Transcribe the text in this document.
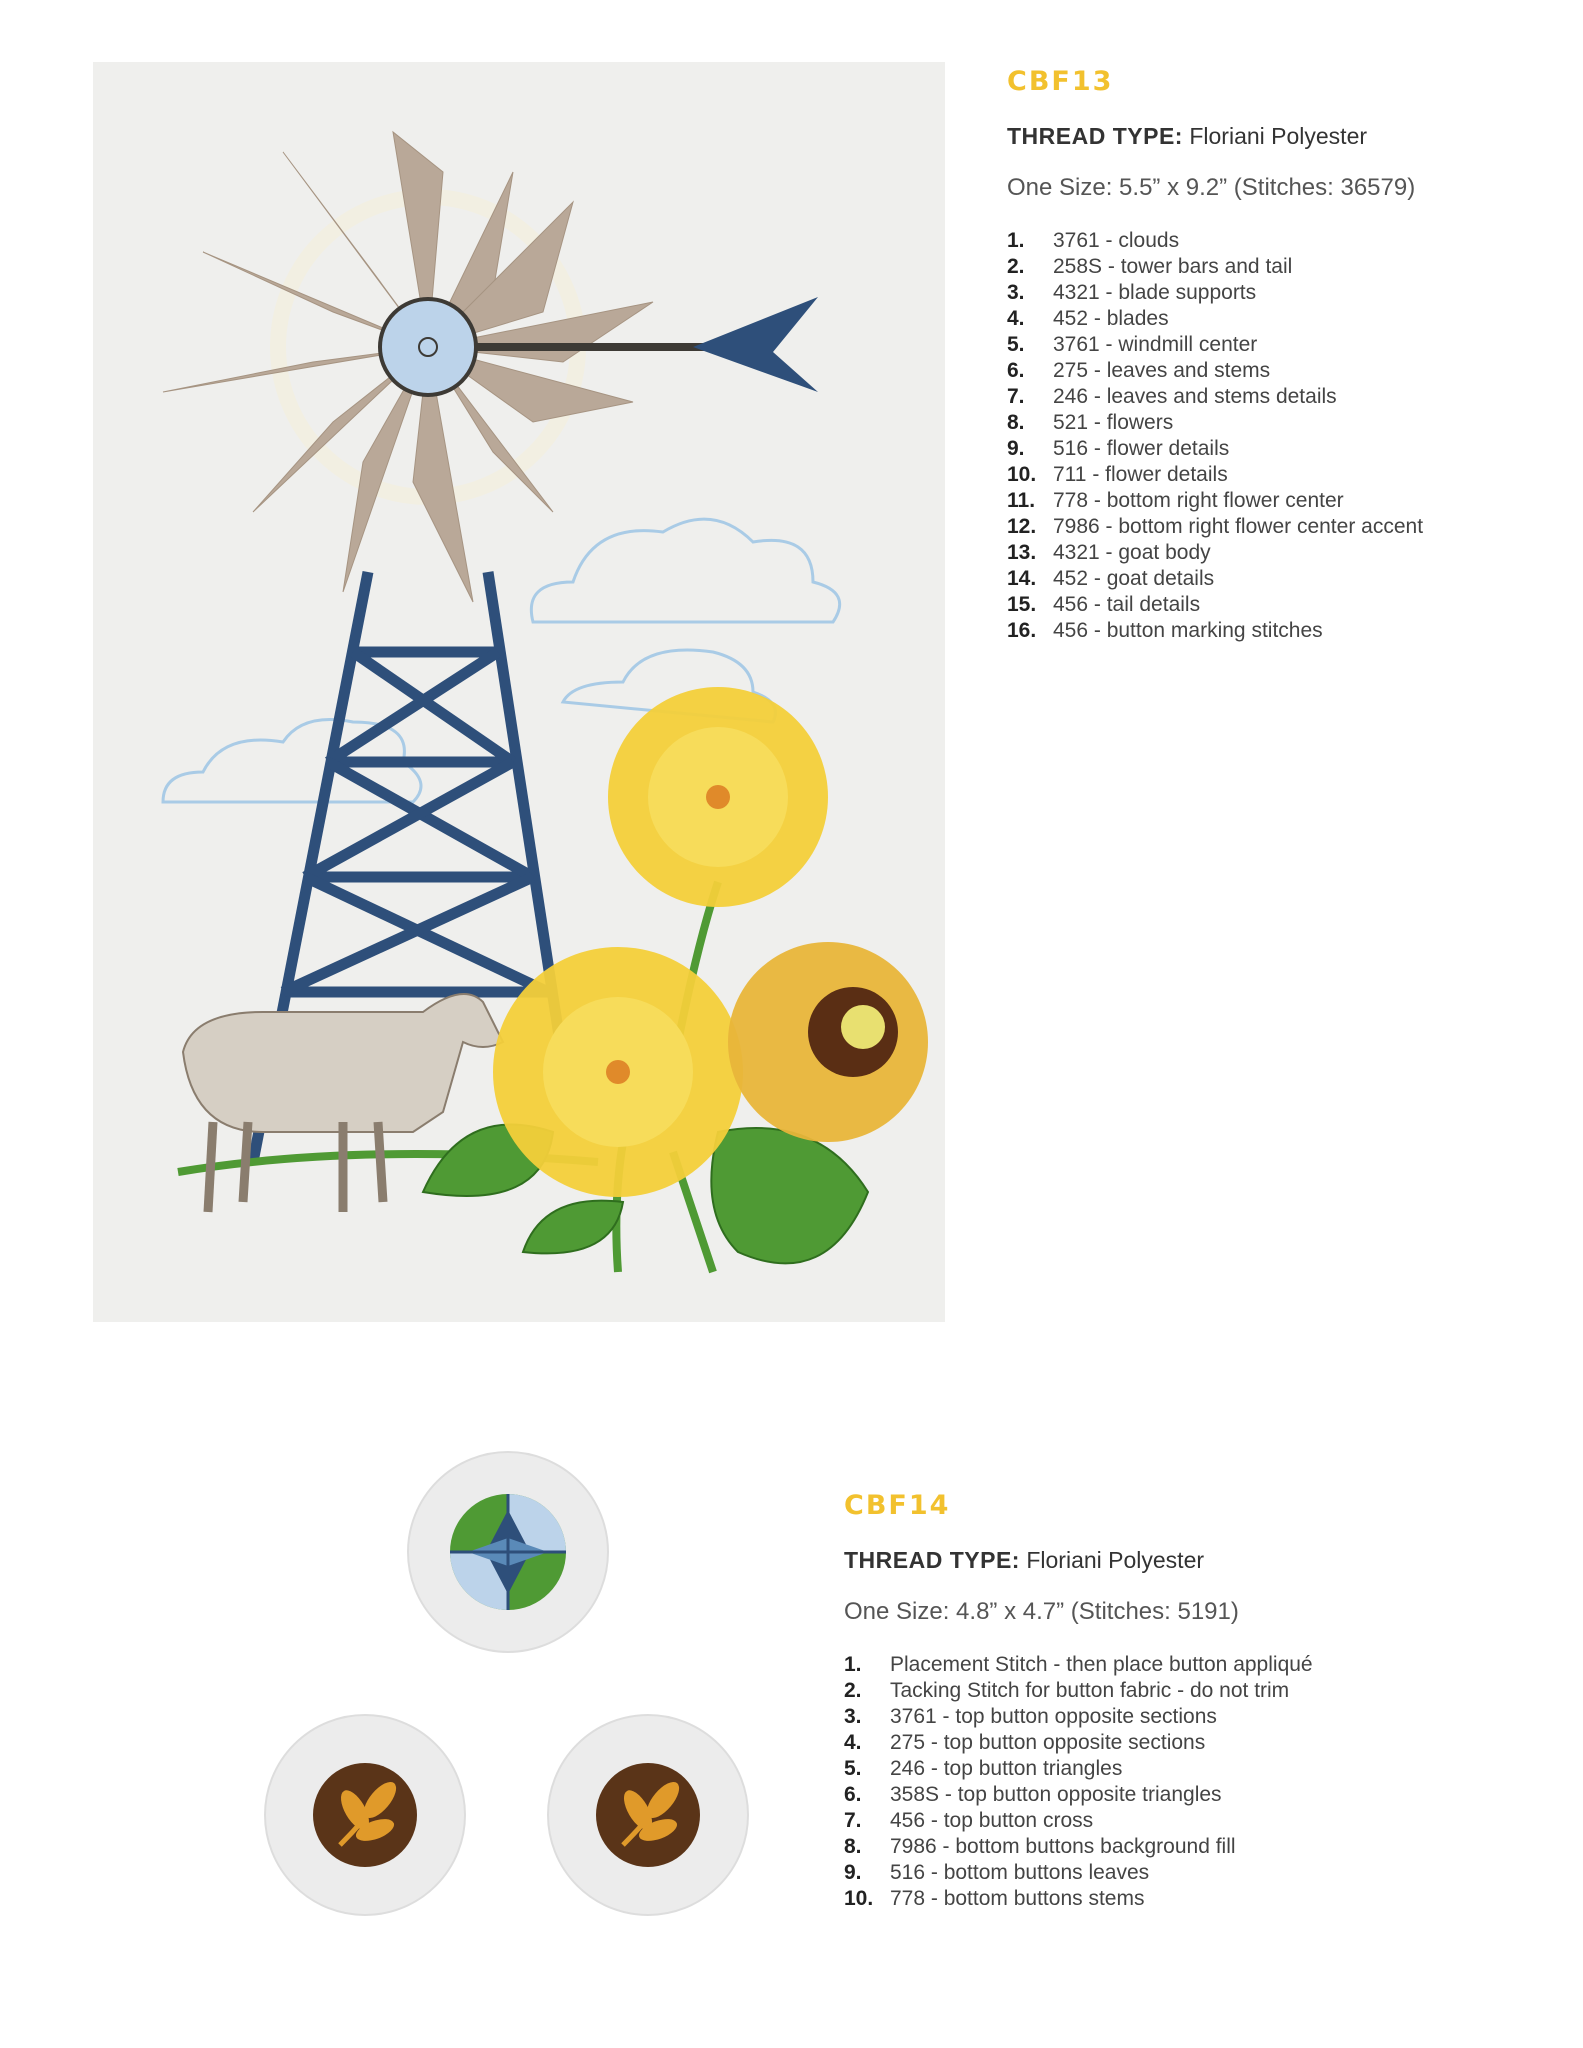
CBF13
THREAD TYPE: Floriani Polyester
One Size: 5.5” x 9.2” (Stitches: 36579)
1.	3761 - clouds
2.	258S - tower bars and tail
3.	4321 - blade supports
4.	452 - blades
5.	3761 - windmill center
6.	275 - leaves and stems
7.	246 - leaves and stems details
8.	521 - flowers
9.	516 - flower details
10. 711 - flower details
11. 778 - bottom right flower center
12. 7986 - bottom right flower center accent
13. 4321 - goat body
14. 452 - goat details
15. 456 - tail details
16. 456 - button marking stitches
CBF14
THREAD TYPE: Floriani Polyester
One Size: 4.8” x 4.7” (Stitches: 5191)
1.	Placement Stitch - then place button appliqué
2.	Tacking Stitch for button fabric - do not trim
3.	3761 - top button opposite sections
4.	275 - top button opposite sections
5.	246 - top button triangles
6.	358S - top button opposite triangles
7.	456 - top button cross
8.	7986 - bottom buttons background fill
9.	516 - bottom buttons leaves
10. 778 - bottom buttons stems
